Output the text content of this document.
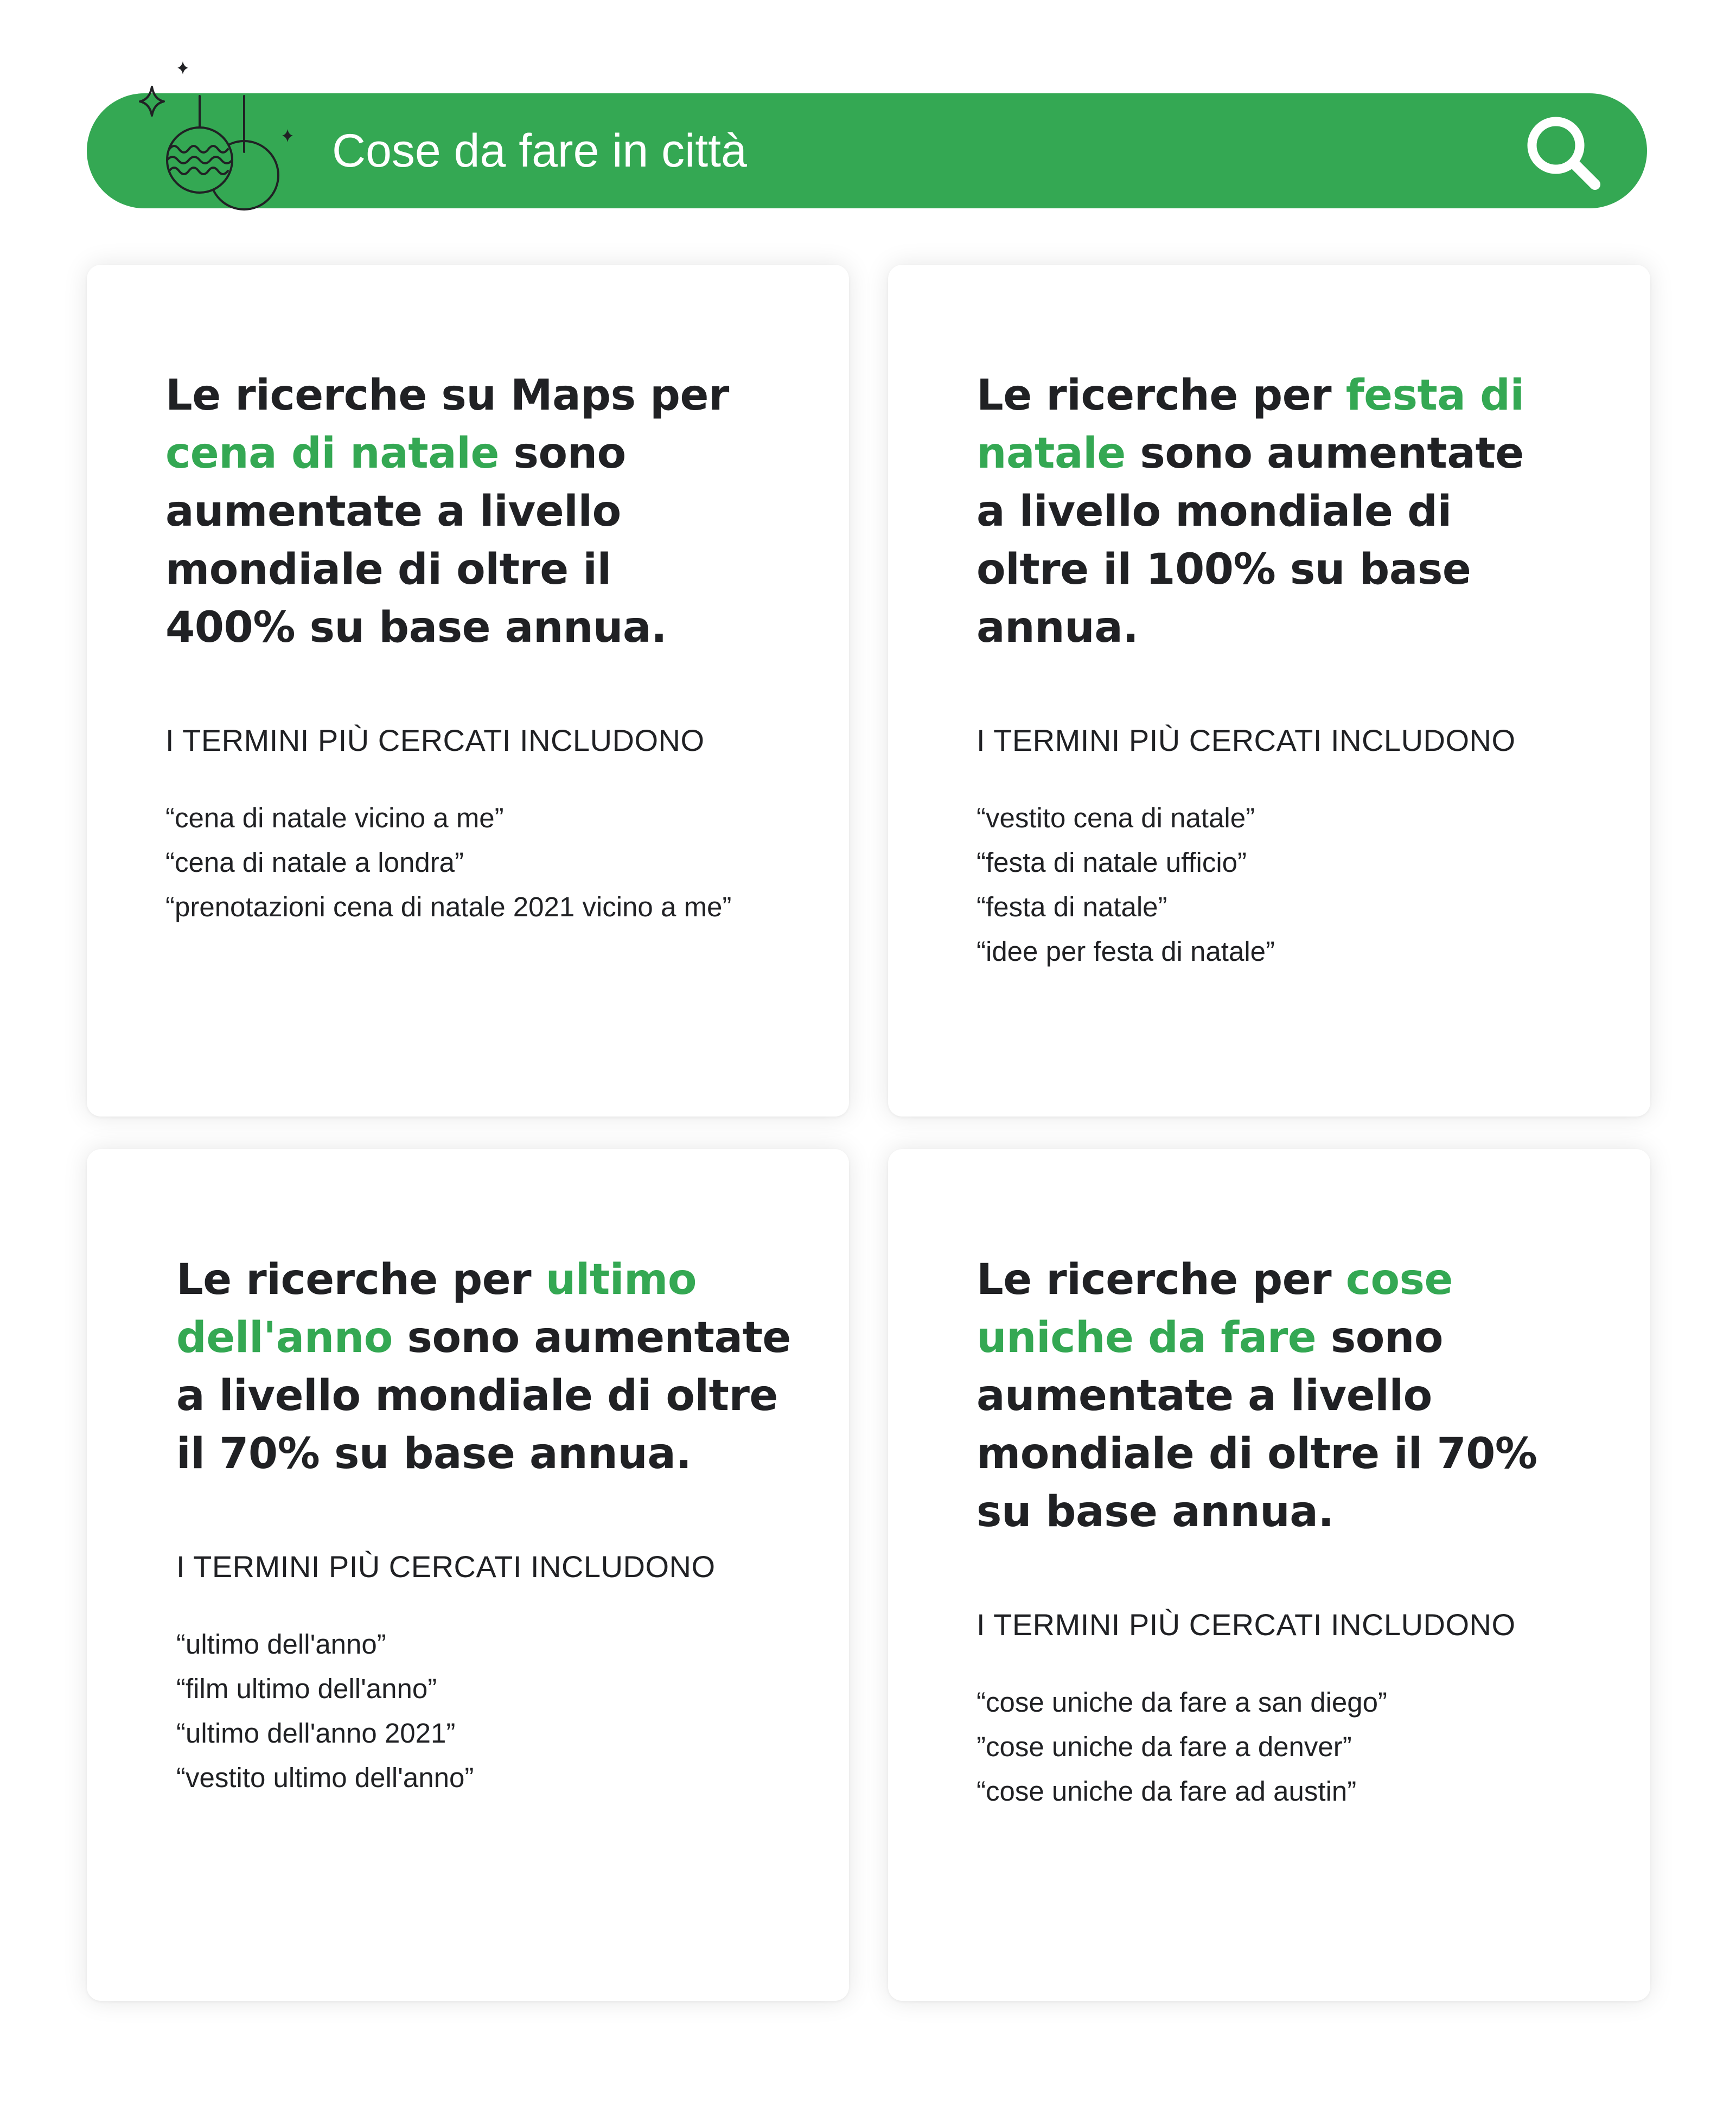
Cose da fare in città

Le ricerche su Maps per cena di natale sono aumentate a livello mondiale di oltre il 400% su base annua.

I TERMINI PIÙ CERCATI INCLUDONO
“cena di natale vicino a me”
“cena di natale a londra”
“prenotazioni cena di natale 2021 vicino a me”

Le ricerche per festa di natale sono aumentate a livello mondiale di oltre il 100% su base annua.

I TERMINI PIÙ CERCATI INCLUDONO
“vestito cena di natale”
“festa di natale ufficio”
“festa di natale”
“idee per festa di natale”

Le ricerche per ultimo dell'anno sono aumentate a livello mondiale di oltre il 70% su base annua.

I TERMINI PIÙ CERCATI INCLUDONO
“ultimo dell'anno”
“film ultimo dell'anno”
“ultimo dell'anno 2021”
“vestito ultimo dell'anno”

Le ricerche per cose uniche da fare sono aumentate a livello mondiale di oltre il 70% su base annua.

I TERMINI PIÙ CERCATI INCLUDONO
“cose uniche da fare a san diego”
”cose uniche da fare a denver”
“cose uniche da fare ad austin”
